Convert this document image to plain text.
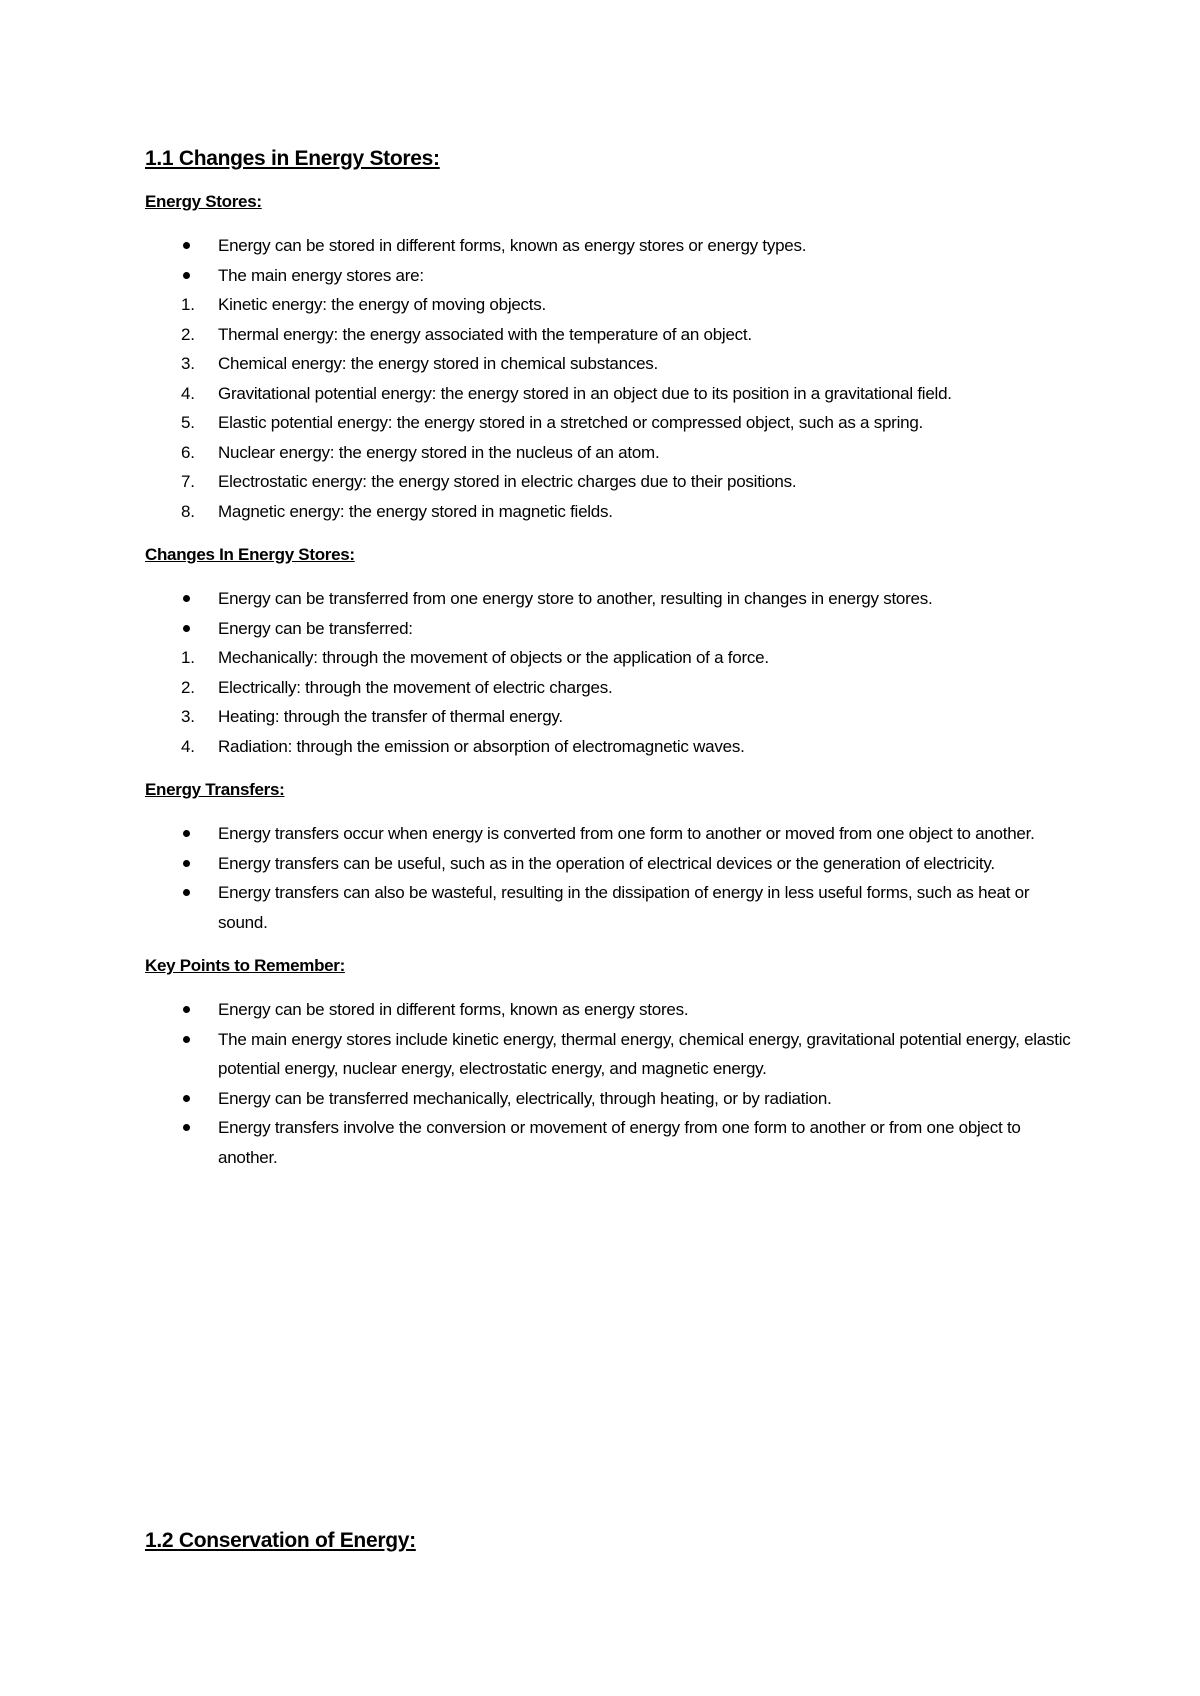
1.1 Changes in Energy Stores:
Energy Stores:
Energy can be stored in different forms, known as energy stores or energy types.
The main energy stores are:
1.	Kinetic energy: the energy of moving objects.
2.	Thermal energy: the energy associated with the temperature of an object.
3.	Chemical energy: the energy stored in chemical substances.
4.	Gravitational potential energy: the energy stored in an object due to its position in a gravitational field.
5.	Elastic potential energy: the energy stored in a stretched or compressed object, such as a spring.
6.	Nuclear energy: the energy stored in the nucleus of an atom.
7.	Electrostatic energy: the energy stored in electric charges due to their positions.
8.	Magnetic energy: the energy stored in magnetic fields.
Changes In Energy Stores:
Energy can be transferred from one energy store to another, resulting in changes in energy stores.
Energy can be transferred:
1.	Mechanically: through the movement of objects or the application of a force.
2.	Electrically: through the movement of electric charges.
3.	Heating: through the transfer of thermal energy.
4.	Radiation: through the emission or absorption of electromagnetic waves.
Energy Transfers:
Energy transfers occur when energy is converted from one form to another or moved from one object to another.
Energy transfers can be useful, such as in the operation of electrical devices or the generation of electricity.
Energy transfers can also be wasteful, resulting in the dissipation of energy in less useful forms, such as heat or sound.
Key Points to Remember:
Energy can be stored in different forms, known as energy stores.
The main energy stores include kinetic energy, thermal energy, chemical energy, gravitational potential energy, elastic potential energy, nuclear energy, electrostatic energy, and magnetic energy.
Energy can be transferred mechanically, electrically, through heating, or by radiation.
Energy transfers involve the conversion or movement of energy from one form to another or from one object to another.
1.2 Conservation of Energy:
